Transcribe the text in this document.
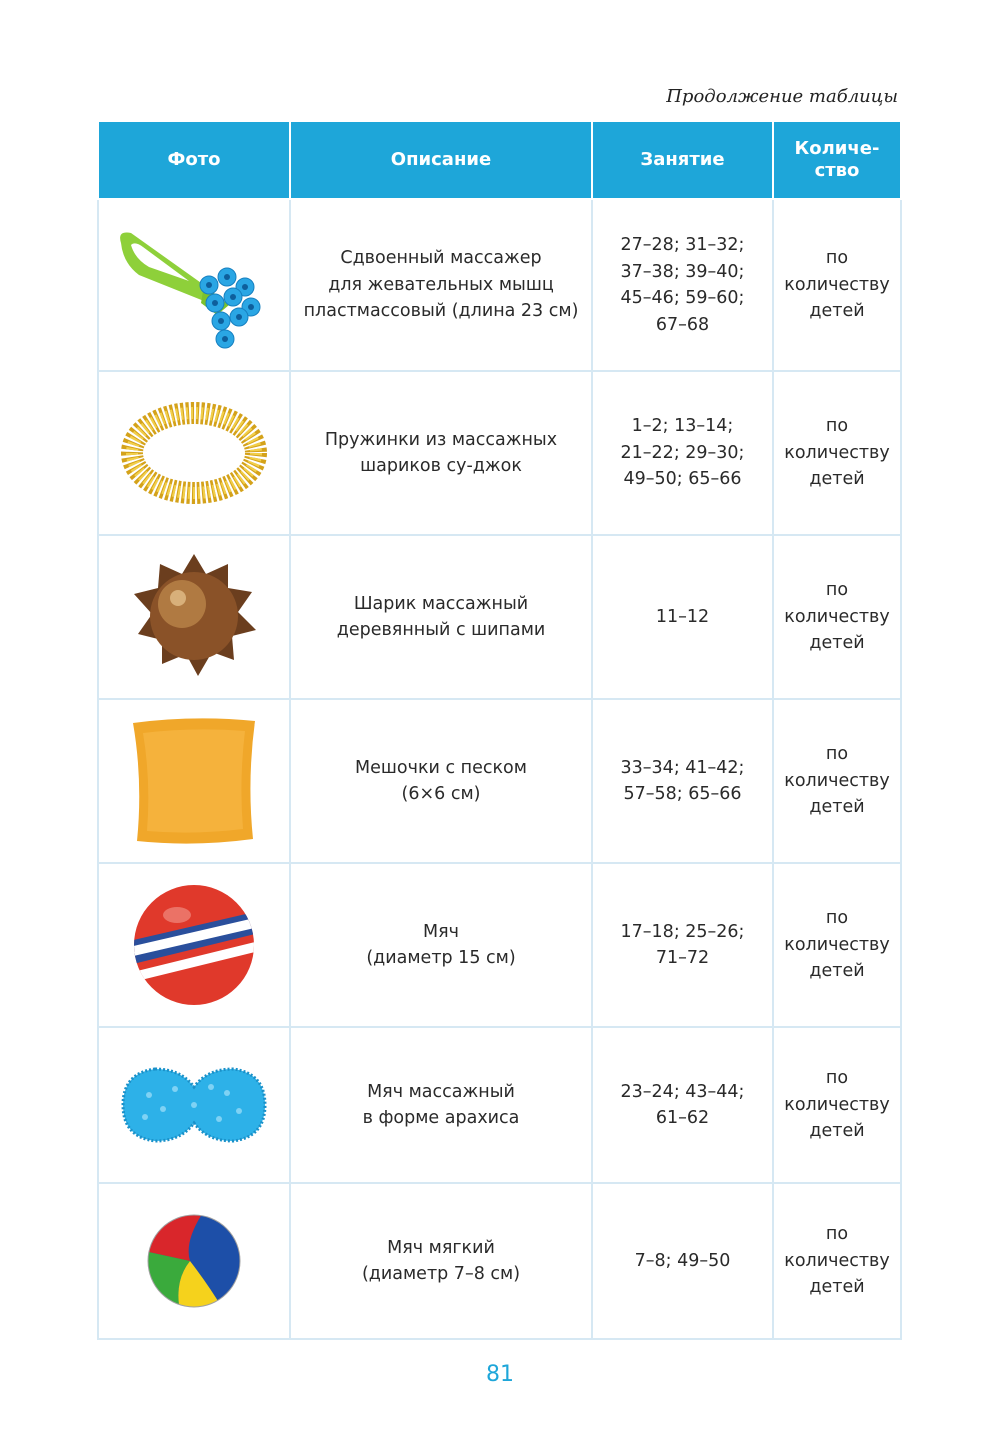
Продолжение таблицы
Фото	Описание	Занятие	Количе-
ство

	Сдвоенный массажер
для жевательных мышц
пластмассовый (длина 23 см)	27–28; 31–32;
37–38; 39–40;
45–46; 59–60;
67–68	по
количеству
детей

	Пружинки из массажных
шариков су-джок	1–2; 13–14;
21–22; 29–30;
49–50; 65–66	по
количеству
детей

	Шарик массажный
деревянный с шипами	11–12	по
количеству
детей

	Мешочки с песком
(6×6 см)	33–34; 41–42;
57–58; 65–66	по
количеству
детей

	Мяч
(диаметр 15 см)	17–18; 25–26;
71–72	по
количеству
детей

	Мяч массажный
в форме арахиса	23–24; 43–44;
61–62	по
количеству
детей

	Мяч мягкий
(диаметр 7–8 см)	7–8; 49–50	по
количеству
детей
81
